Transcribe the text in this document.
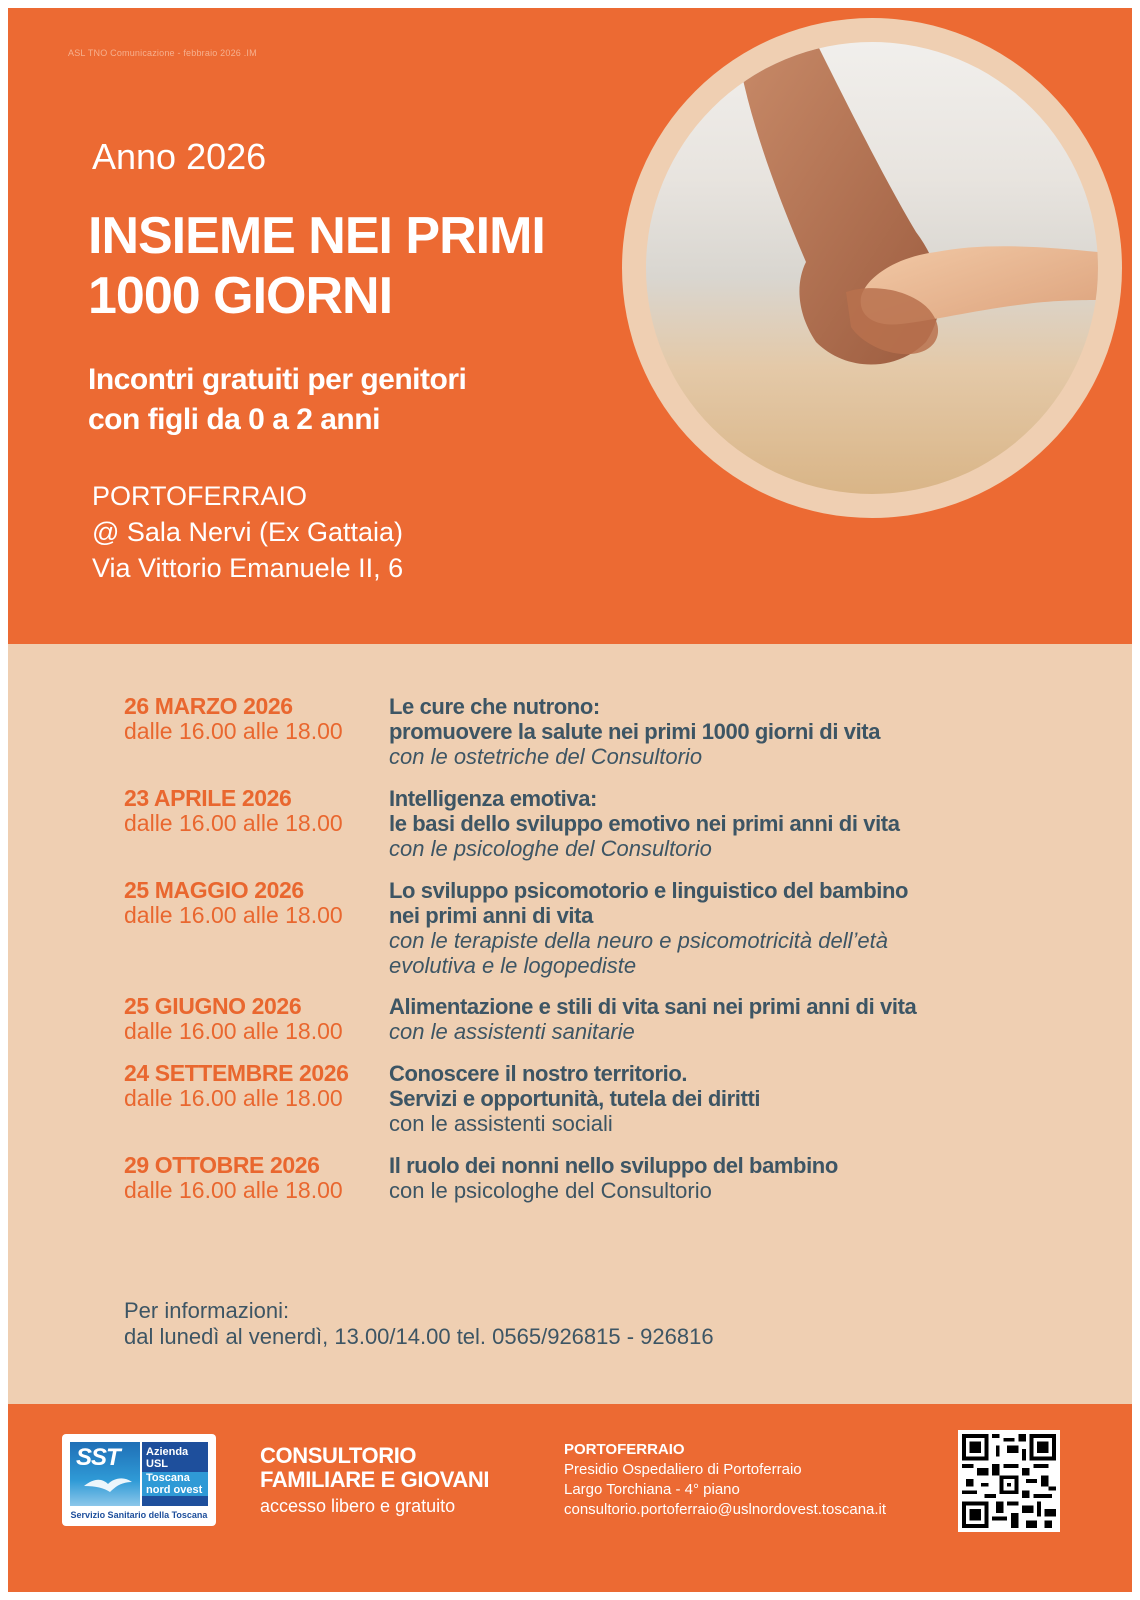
ASL TNO Comunicazione - febbraio 2026 .IM
Anno 2026
INSIEME NEI PRIMI
1000 GIORNI
Incontri gratuiti per genitori
con figli da 0 a 2 anni
PORTOFERRAIO
@ Sala Nervi (Ex Gattaia)
Via Vittorio Emanuele II, 6
26 MARZO 2026
dalle 16.00 alle 18.00
Le cure che nutrono:
promuovere la salute nei primi 1000 giorni di vita
con le ostetriche del Consultorio
23 APRILE 2026
dalle 16.00 alle 18.00
Intelligenza emotiva:
le basi dello sviluppo emotivo nei primi anni di vita
con le psicologhe del Consultorio
25 MAGGIO 2026
dalle 16.00 alle 18.00
Lo sviluppo psicomotorio e linguistico del bambino
nei primi anni di vita
con le terapiste della neuro e psicomotricità dell’età
evolutiva e le logopediste
25 GIUGNO 2026
dalle 16.00 alle 18.00
Alimentazione e stili di vita sani nei primi anni di vita
con le assistenti sanitarie
24 SETTEMBRE 2026
dalle 16.00 alle 18.00
Conoscere il nostro territorio.
Servizi e opportunità, tutela dei diritti
con le assistenti sociali
29 OTTOBRE 2026
dalle 16.00 alle 18.00
Il ruolo dei nonni nello sviluppo del bambino
con le psicologhe del Consultorio
Per informazioni:
dal lunedì al venerdì, 13.00/14.00 tel. 0565/926815 - 926816
SST	Azienda
USL
Toscana
nord ovest
Servizio Sanitario della Toscana
CONSULTORIO
FAMILIARE E GIOVANI
accesso libero e gratuito
PORTOFERRAIO
Presidio Ospedaliero di Portoferraio
Largo Torchiana - 4° piano
consultorio.portoferraio@uslnordovest.toscana.it
